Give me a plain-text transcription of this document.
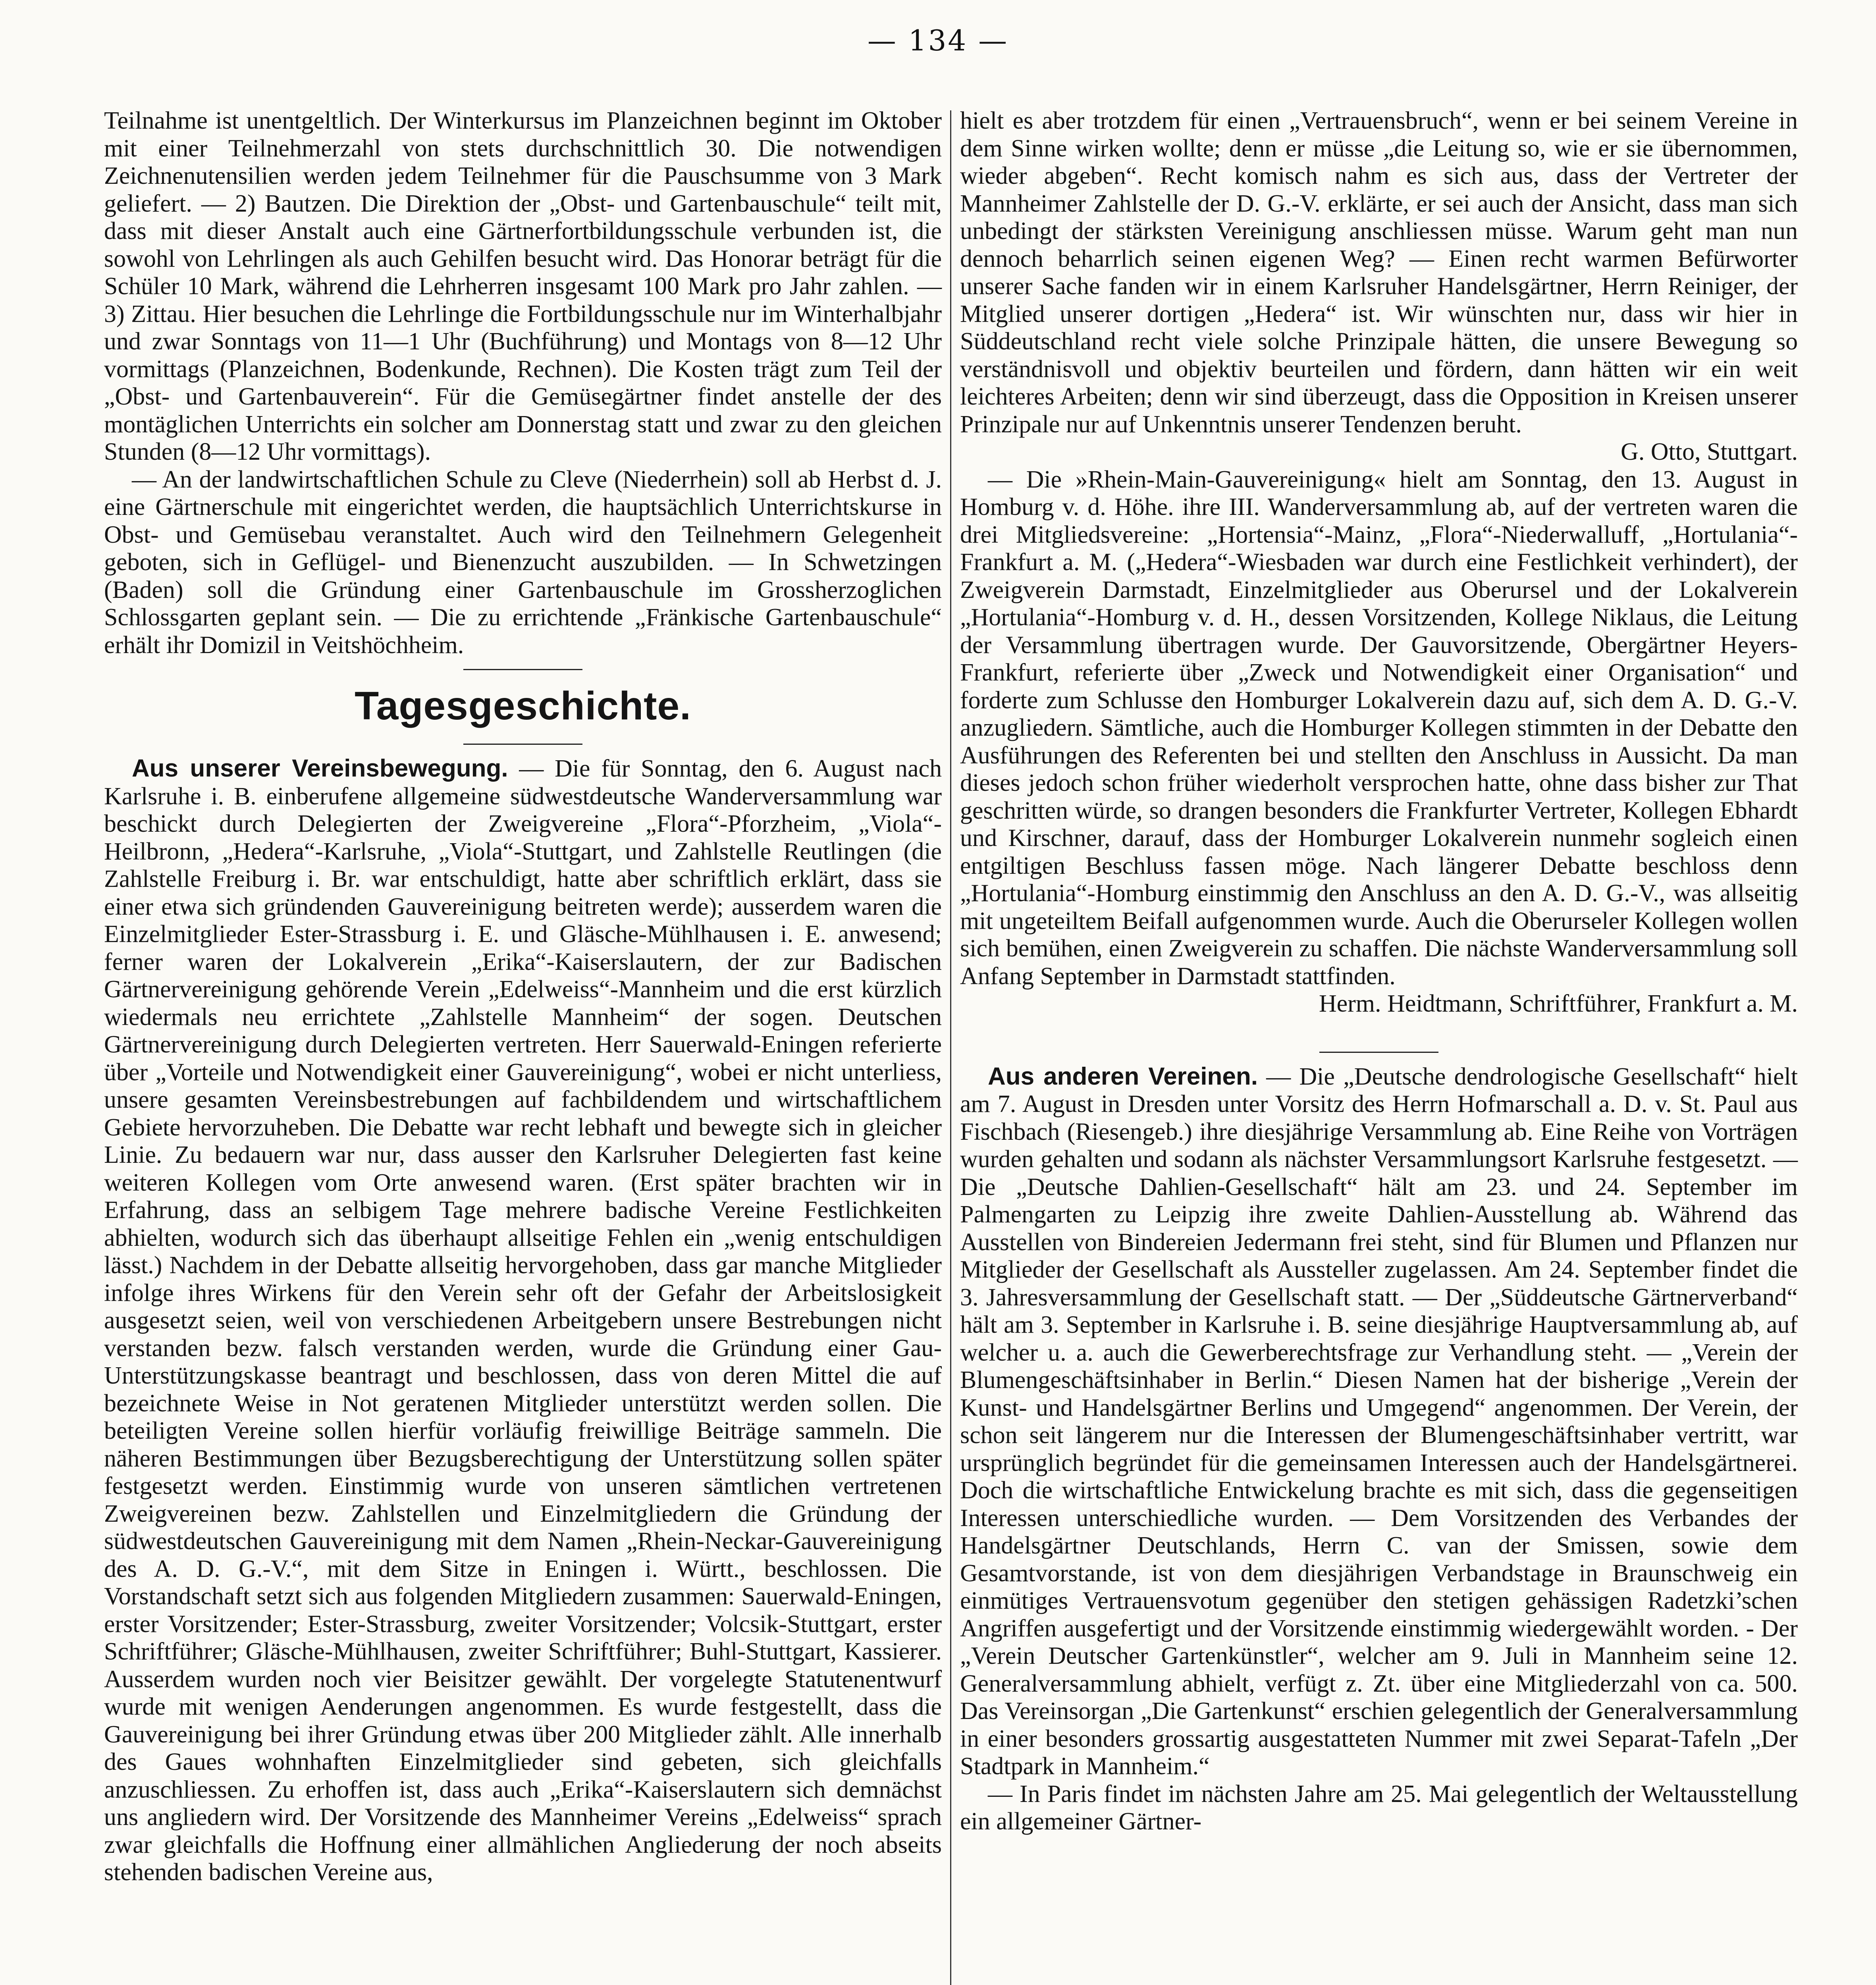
— 134 —

Teilnahme ist unentgeltlich. Der Winterkursus im Planzeichnen beginnt im Oktober mit einer Teilnehmerzahl von stets durchschnittlich 30. Die notwendigen Zeichnenutensilien werden jedem Teilnehmer für die Pauschsumme von 3 Mark geliefert. — 2) Bautzen. Die Direktion der „Obst- und Gartenbauschule“ teilt mit, dass mit dieser Anstalt auch eine Gärtnerfortbildungsschule verbunden ist, die sowohl von Lehrlingen als auch Gehilfen besucht wird. Das Honorar beträgt für die Schüler 10 Mark, während die Lehrherren insgesamt 100 Mark pro Jahr zahlen. — 3) Zittau. Hier besuchen die Lehrlinge die Fortbildungsschule nur im Winterhalbjahr und zwar Sonntags von 11—1 Uhr (Buchführung) und Montags von 8—12 Uhr vormittags (Planzeichnen, Bodenkunde, Rechnen). Die Kosten trägt zum Teil der „Obst- und Gartenbauverein“. Für die Gemüsegärtner findet anstelle der des montäglichen Unterrichts ein solcher am Donnerstag statt und zwar zu den gleichen Stunden (8—12 Uhr vormittags).

— An der landwirtschaftlichen Schule zu Cleve (Niederrhein) soll ab Herbst d. J. eine Gärtnerschule mit eingerichtet werden, die hauptsächlich Unterrichtskurse in Obst- und Gemüsebau veranstaltet. Auch wird den Teilnehmern Gelegenheit geboten, sich in Geflügel- und Bienenzucht auszubilden. — In Schwetzingen (Baden) soll die Gründung einer Gartenbauschule im Grossherzoglichen Schlossgarten geplant sein. — Die zu errichtende „Fränkische Gartenbauschule“ erhält ihr Domizil in Veitshöchheim.

Tagesgeschichte.

Aus unserer Vereinsbewegung. — Die für Sonntag, den 6. August nach Karlsruhe i. B. einberufene allgemeine südwestdeutsche Wanderversammlung war beschickt durch Delegierten der Zweigvereine „Flora“-Pforzheim, „Viola“-Heilbronn, „Hedera“-Karlsruhe, „Viola“-Stuttgart, und Zahlstelle Reutlingen (die Zahlstelle Freiburg i. Br. war entschuldigt, hatte aber schriftlich erklärt, dass sie einer etwa sich gründenden Gauvereinigung beitreten werde); ausserdem waren die Einzelmitglieder Ester-Strassburg i. E. und Gläsche-Mühlhausen i. E. anwesend; ferner waren der Lokalverein „Erika“-Kaiserslautern, der zur Badischen Gärtnervereinigung gehörende Verein „Edelweiss“-Mannheim und die erst kürzlich wiedermals neu errichtete „Zahlstelle Mannheim“ der sogen. Deutschen Gärtnervereinigung durch Delegierten vertreten. Herr Sauerwald-Eningen referierte über „Vorteile und Notwendigkeit einer Gauvereinigung“, wobei er nicht unterliess, unsere gesamten Vereinsbestrebungen auf fachbildendem und wirtschaftlichem Gebiete hervorzuheben. Die Debatte war recht lebhaft und bewegte sich in gleicher Linie. Zu bedauern war nur, dass ausser den Karlsruher Delegierten fast keine weiteren Kollegen vom Orte anwesend waren. (Erst später brachten wir in Erfahrung, dass an selbigem Tage mehrere badische Vereine Festlichkeiten abhielten, wodurch sich das überhaupt allseitige Fehlen ein „wenig entschuldigen lässt.) Nachdem in der Debatte allseitig hervorgehoben, dass gar manche Mitglieder infolge ihres Wirkens für den Verein sehr oft der Gefahr der Arbeitslosigkeit ausgesetzt seien, weil von verschiedenen Arbeitgebern unsere Bestrebungen nicht verstanden bezw. falsch verstanden werden, wurde die Gründung einer Gau-Unterstützungskasse beantragt und beschlossen, dass von deren Mittel die auf bezeichnete Weise in Not geratenen Mitglieder unterstützt werden sollen. Die beteiligten Vereine sollen hierfür vorläufig freiwillige Beiträge sammeln. Die näheren Bestimmungen über Bezugsberechtigung der Unterstützung sollen später festgesetzt werden. Einstimmig wurde von unseren sämtlichen vertretenen Zweigvereinen bezw. Zahlstellen und Einzelmitgliedern die Gründung der südwestdeutschen Gauvereinigung mit dem Namen „Rhein-Neckar-Gauvereinigung des A. D. G.-V.“, mit dem Sitze in Eningen i. Württ., beschlossen. Die Vorstandschaft setzt sich aus folgenden Mitgliedern zusammen: Sauerwald-Eningen, erster Vorsitzender; Ester-Strassburg, zweiter Vorsitzender; Volcsik-Stuttgart, erster Schriftführer; Gläsche-Mühlhausen, zweiter Schriftführer; Buhl-Stuttgart, Kassierer. Ausserdem wurden noch vier Beisitzer gewählt. Der vorgelegte Statutenentwurf wurde mit wenigen Aenderungen angenommen. Es wurde festgestellt, dass die Gauvereinigung bei ihrer Gründung etwas über 200 Mitglieder zählt. Alle innerhalb des Gaues wohnhaften Einzelmitglieder sind gebeten, sich gleichfalls anzuschliessen. Zu erhoffen ist, dass auch „Erika“-Kaiserslautern sich demnächst uns angliedern wird. Der Vorsitzende des Mannheimer Vereins „Edelweiss“ sprach zwar gleichfalls die Hoffnung einer allmählichen Angliederung der noch abseits stehenden badischen Vereine aus,

hielt es aber trotzdem für einen „Vertrauensbruch“, wenn er bei seinem Vereine in dem Sinne wirken wollte; denn er müsse „die Leitung so, wie er sie übernommen, wieder abgeben“. Recht komisch nahm es sich aus, dass der Vertreter der Mannheimer Zahlstelle der D. G.-V. erklärte, er sei auch der Ansicht, dass man sich unbedingt der stärksten Vereinigung anschliessen müsse. Warum geht man nun dennoch beharrlich seinen eigenen Weg? — Einen recht warmen Befürworter unserer Sache fanden wir in einem Karlsruher Handelsgärtner, Herrn Reiniger, der Mitglied unserer dortigen „Hedera“ ist. Wir wünschten nur, dass wir hier in Süddeutschland recht viele solche Prinzipale hätten, die unsere Bewegung so verständnisvoll und objektiv beurteilen und fördern, dann hätten wir ein weit leichteres Arbeiten; denn wir sind überzeugt, dass die Opposition in Kreisen unserer Prinzipale nur auf Unkenntnis unserer Tendenzen beruht.

G. Otto, Stuttgart.

— Die »Rhein-Main-Gauvereinigung« hielt am Sonntag, den 13. August in Homburg v. d. Höhe. ihre III. Wanderversammlung ab, auf der vertreten waren die drei Mitgliedsvereine: „Hortensia“-Mainz, „Flora“-Niederwalluff, „Hortulania“-Frankfurt a. M. („Hedera“-Wiesbaden war durch eine Festlichkeit verhindert), der Zweigverein Darmstadt, Einzelmitglieder aus Oberursel und der Lokalverein „Hortulania“-Homburg v. d. H., dessen Vorsitzenden, Kollege Niklaus, die Leitung der Versammlung übertragen wurde. Der Gauvorsitzende, Obergärtner Heyers-Frankfurt, referierte über „Zweck und Notwendigkeit einer Organisation“ und forderte zum Schlusse den Homburger Lokalverein dazu auf, sich dem A. D. G.-V. anzugliedern. Sämtliche, auch die Homburger Kollegen stimmten in der Debatte den Ausführungen des Referenten bei und stellten den Anschluss in Aussicht. Da man dieses jedoch schon früher wiederholt versprochen hatte, ohne dass bisher zur That geschritten würde, so drangen besonders die Frankfurter Vertreter, Kollegen Ebhardt und Kirschner, darauf, dass der Homburger Lokalverein nunmehr sogleich einen entgiltigen Beschluss fassen möge. Nach längerer Debatte beschloss denn „Hortulania“-Homburg einstimmig den Anschluss an den A. D. G.-V., was allseitig mit ungeteiltem Beifall aufgenommen wurde. Auch die Oberurseler Kollegen wollen sich bemühen, einen Zweigverein zu schaffen. Die nächste Wanderversammlung soll Anfang September in Darmstadt stattfinden.

Herm. Heidtmann, Schriftführer, Frankfurt a. M.

Aus anderen Vereinen. — Die „Deutsche dendrologische Gesellschaft“ hielt am 7. August in Dresden unter Vorsitz des Herrn Hofmarschall a. D. v. St. Paul aus Fischbach (Riesengeb.) ihre diesjährige Versammlung ab. Eine Reihe von Vorträgen wurden gehalten und sodann als nächster Versammlungsort Karlsruhe festgesetzt. — Die „Deutsche Dahlien-Gesellschaft“ hält am 23. und 24. September im Palmengarten zu Leipzig ihre zweite Dahlien-Ausstellung ab. Während das Ausstellen von Bindereien Jedermann frei steht, sind für Blumen und Pflanzen nur Mitglieder der Gesellschaft als Aussteller zugelassen. Am 24. September findet die 3. Jahresversammlung der Gesellschaft statt. — Der „Süddeutsche Gärtnerverband“ hält am 3. September in Karlsruhe i. B. seine diesjährige Hauptversammlung ab, auf welcher u. a. auch die Gewerberechtsfrage zur Verhandlung steht. — „Verein der Blumengeschäftsinhaber in Berlin.“ Diesen Namen hat der bisherige „Verein der Kunst- und Handelsgärtner Berlins und Umgegend“ angenommen. Der Verein, der schon seit längerem nur die Interessen der Blumengeschäftsinhaber vertritt, war ursprünglich begründet für die gemeinsamen Interessen auch der Handelsgärtnerei. Doch die wirtschaftliche Entwickelung brachte es mit sich, dass die gegenseitigen Interessen unterschiedliche wurden. — Dem Vorsitzenden des Verbandes der Handelsgärtner Deutschlands, Herrn C. van der Smissen, sowie dem Gesamtvorstande, ist von dem diesjährigen Verbandstage in Braunschweig ein einmütiges Vertrauensvotum gegenüber den stetigen gehässigen Radetzki’schen Angriffen ausgefertigt und der Vorsitzende einstimmig wiedergewählt worden. - Der „Verein Deutscher Gartenkünstler“, welcher am 9. Juli in Mannheim seine 12. Generalversammlung abhielt, verfügt z. Zt. über eine Mitgliederzahl von ca. 500. Das Vereinsorgan „Die Gartenkunst“ erschien gelegentlich der Generalversammlung in einer besonders grossartig ausgestatteten Nummer mit zwei Separat-Tafeln „Der Stadtpark in Mannheim.“

— In Paris findet im nächsten Jahre am 25. Mai gelegentlich der Weltausstellung ein allgemeiner Gärtner-
